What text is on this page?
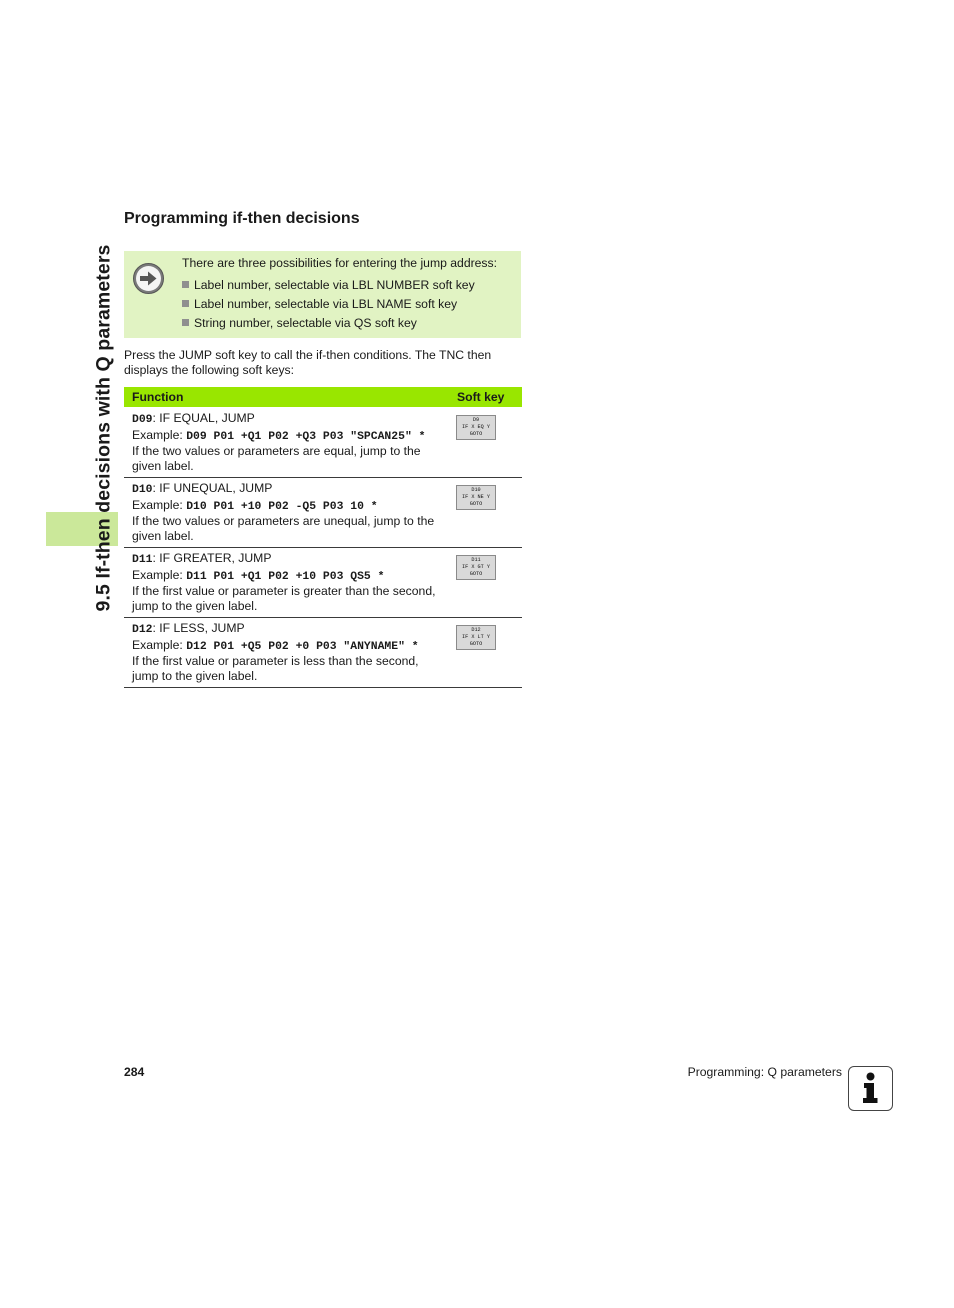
9.5 If-then decisions with Q parameters
Programming if-then decisions
There are three possibilities for entering the jump address:
Label number, selectable via LBL NUMBER soft key
Label number, selectable via LBL NAME soft key
String number, selectable via QS soft key
Press the JUMP soft key to call the if-then conditions. The TNC then displays the following soft keys:
Function	Soft key
D09: IF EQUAL, JUMP
Example: D09 P01 +Q1 P02 +Q3 P03 "SPCAN25" *
If the two values or parameters are equal, jump to the given label.
D9
IF X EQ Y
GOTO
D10: IF UNEQUAL, JUMP
Example: D10 P01 +10 P02 -Q5 P03 10 *
If the two values or parameters are unequal, jump to the given label.
D10
IF X NE Y
GOTO
D11: IF GREATER, JUMP
Example: D11 P01 +Q1 P02 +10 P03 QS5 *
If the first value or parameter is greater than the second, jump to the given label.
D11
IF X GT Y
GOTO
D12: IF LESS, JUMP
Example: D12 P01 +Q5 P02 +0 P03 "ANYNAME" *
If the first value or parameter is less than the second, jump to the given label.
D12
IF X LT Y
GOTO
284	Programming: Q parameters
